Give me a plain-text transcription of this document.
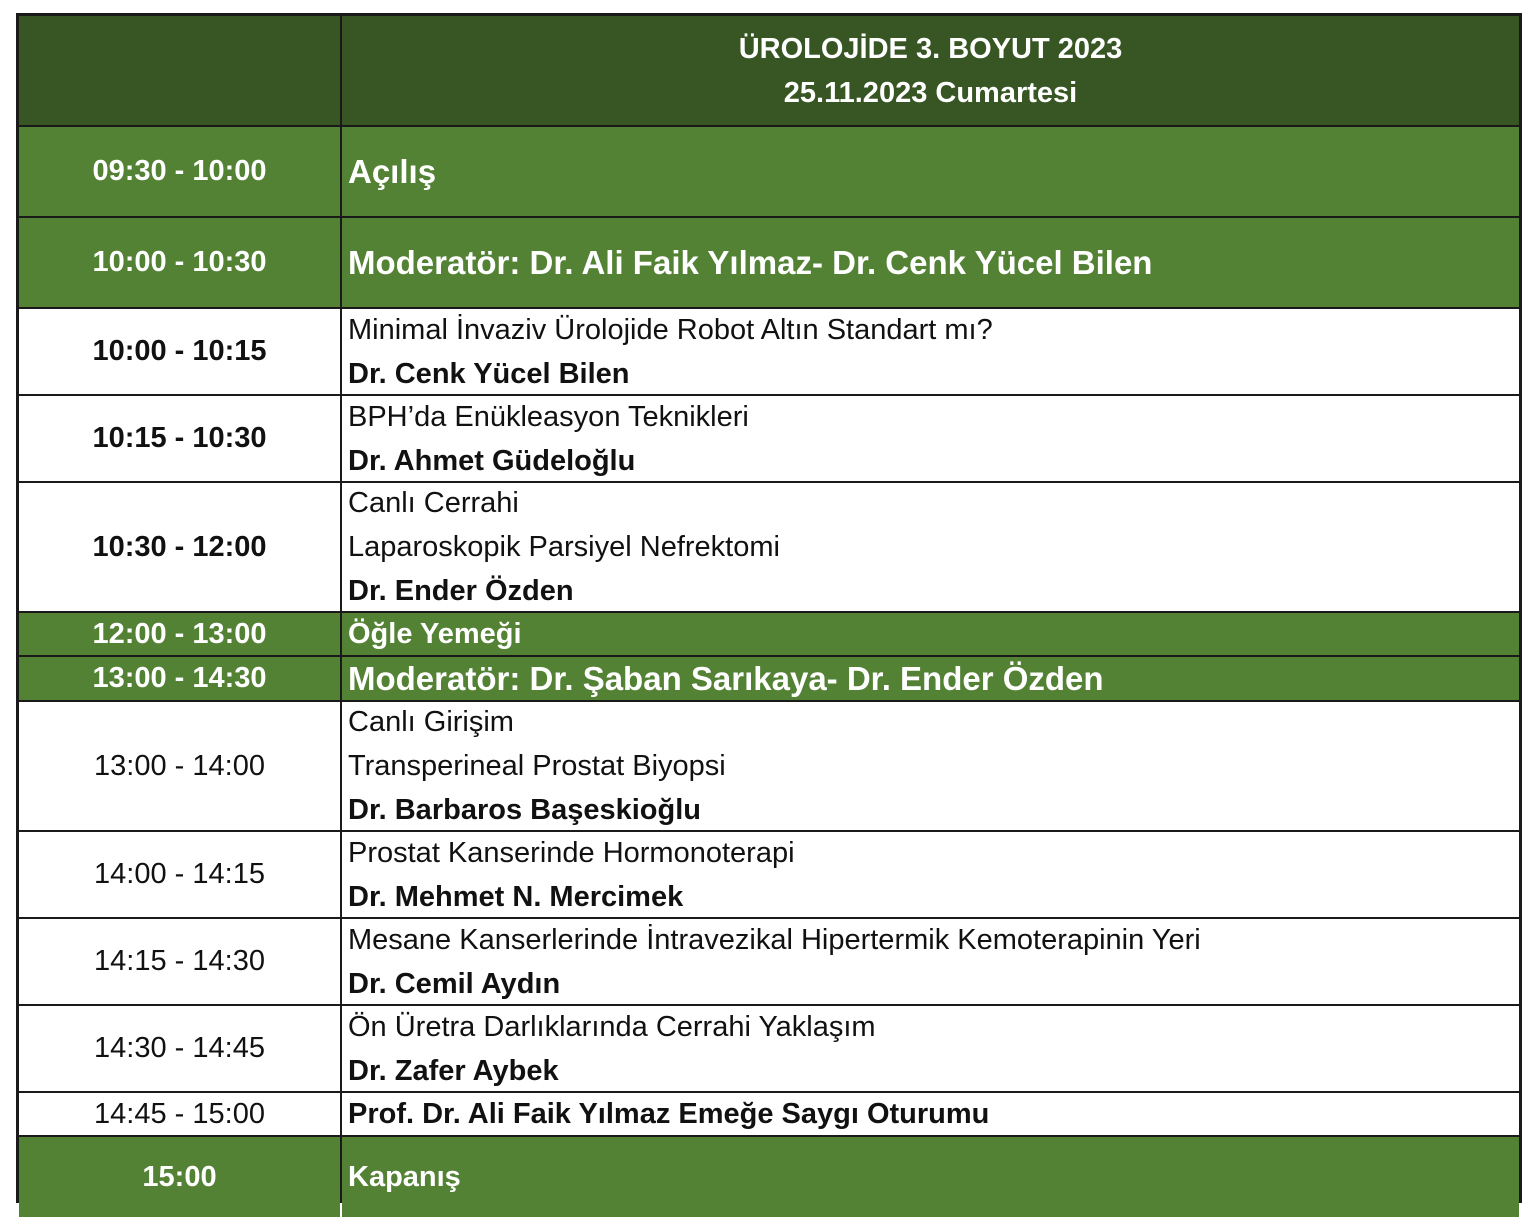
ÜROLOJİDE 3. BOYUT 2023
25.11.2023 Cumartesi
09:30 - 10:00	Açılış
10:00 - 10:30	Moderatör: Dr. Ali Faik Yılmaz- Dr. Cenk Yücel Bilen
10:00 - 10:15
Minimal İnvaziv Ürolojide Robot Altın Standart mı?
Dr. Cenk Yücel Bilen
10:15 - 10:30
BPH’da Enükleasyon Teknikleri
Dr. Ahmet Güdeloğlu
10:30 - 12:00
Canlı Cerrahi
Laparoskopik Parsiyel Nefrektomi
Dr. Ender Özden
12:00 - 13:00	Öğle Yemeği
13:00 - 14:30	Moderatör: Dr. Şaban Sarıkaya- Dr. Ender Özden
13:00 - 14:00
Canlı Girişim
Transperineal Prostat Biyopsi
Dr. Barbaros Başeskioğlu
14:00 - 14:15
Prostat Kanserinde Hormonoterapi
Dr. Mehmet N. Mercimek
14:15 - 14:30
Mesane Kanserlerinde İntravezikal Hipertermik Kemoterapinin Yeri
Dr. Cemil Aydın
14:30 - 14:45
Ön Üretra Darlıklarında Cerrahi Yaklaşım
Dr. Zafer Aybek
14:45 - 15:00	Prof. Dr. Ali Faik Yılmaz Emeğe Saygı Oturumu
15:00	Kapanış
